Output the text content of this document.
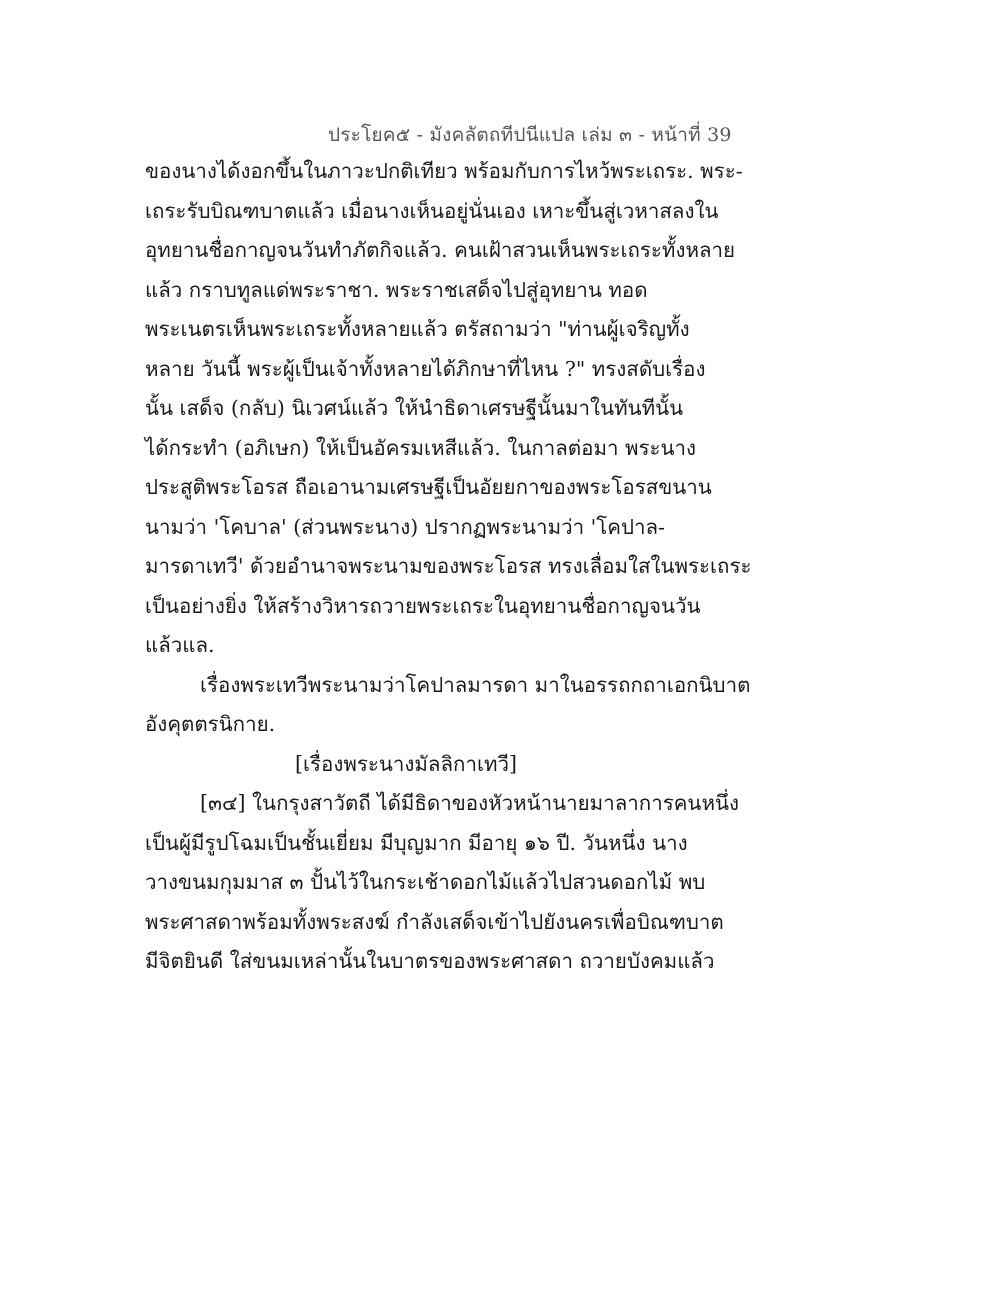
ประโยค๕ - มังคลัตถทีปนีแปล เล่ม ๓ - หน้าที่ 39
ของนางได้งอกขึ้นในภาวะปกติเทียว พร้อมกับการไหว้พระเถระ. พระ-
เถระรับบิณฑบาตแล้ว เมื่อนางเห็นอยู่นั่นเอง เหาะขึ้นสู่เวหาสลงใน
อุทยานชื่อกาญจนวันทำภัตกิจแล้ว. คนเฝ้าสวนเห็นพระเถระทั้งหลาย
แล้ว กราบทูลแด่พระราชา. พระราชเสด็จไปสู่อุทยาน ทอด
พระเนตรเห็นพระเถระทั้งหลายแล้ว ตรัสถามว่า "ท่านผู้เจริญทั้ง
หลาย วันนี้ พระผู้เป็นเจ้าทั้งหลายได้ภิกษาที่ไหน ?" ทรงสดับเรื่อง
นั้น เสด็จ (กลับ) นิเวศน์แล้ว ให้นำธิดาเศรษฐีนั้นมาในทันทีนั้น
ได้กระทำ (อภิเษก) ให้เป็นอัครมเหสีแล้ว. ในกาลต่อมา พระนาง
ประสูติพระโอรส ถือเอานามเศรษฐีเป็นอัยยกาของพระโอรสขนาน
นามว่า 'โคบาล' (ส่วนพระนาง) ปรากฏพระนามว่า 'โคปาล-
มารดาเทวี' ด้วยอำนาจพระนามของพระโอรส ทรงเลื่อมใสในพระเถระ
เป็นอย่างยิ่ง ให้สร้างวิหารถวายพระเถระในอุทยานชื่อกาญจนวัน
แล้วแล.
เรื่องพระเทวีพระนามว่าโคปาลมารดา มาในอรรถกถาเอกนิบาต
อังคุตตรนิกาย.
[เรื่องพระนางมัลลิกาเทวี]
[๓๔] ในกรุงสาวัตถี ได้มีธิดาของหัวหน้านายมาลาการคนหนึ่ง
เป็นผู้มีรูปโฉมเป็นชั้นเยี่ยม มีบุญมาก มีอายุ ๑๖ ปี. วันหนึ่ง นาง
วางขนมกุมมาส ๓ ปั้นไว้ในกระเช้าดอกไม้แล้วไปสวนดอกไม้ พบ
พระศาสดาพร้อมทั้งพระสงฆ์ กำลังเสด็จเข้าไปยังนครเพื่อบิณฑบาต
มีจิตยินดี ใส่ขนมเหล่านั้นในบาตรของพระศาสดา ถวายบังคมแล้ว
